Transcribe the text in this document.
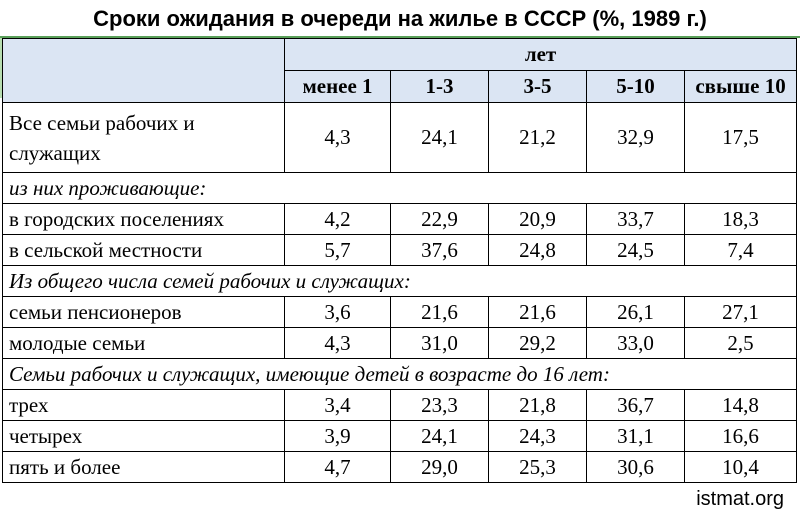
Сроки ожидания в очереди на жилье в СССР (%, 1989 г.)
	лет				
	менее 1	1-3	3-5	5-10	свыше 10
Все семьи рабочих и служащих	4,3	24,1	21,2	32,9	17,5
из них проживающие:					
в городских поселениях	4,2	22,9	20,9	33,7	18,3
в сельской местности	5,7	37,6	24,8	24,5	7,4
Из общего числа семей рабочих и служащих:					
семьи пенсионеров	3,6	21,6	21,6	26,1	27,1
молодые семьи	4,3	31,0	29,2	33,0	2,5
Семьи рабочих и служащих, имеющие детей в возрасте до 16 лет:					
трех	3,4	23,3	21,8	36,7	14,8
четырех	3,9	24,1	24,3	31,1	16,6
пять и более	4,7	29,0	25,3	30,6	10,4
istmat.org
